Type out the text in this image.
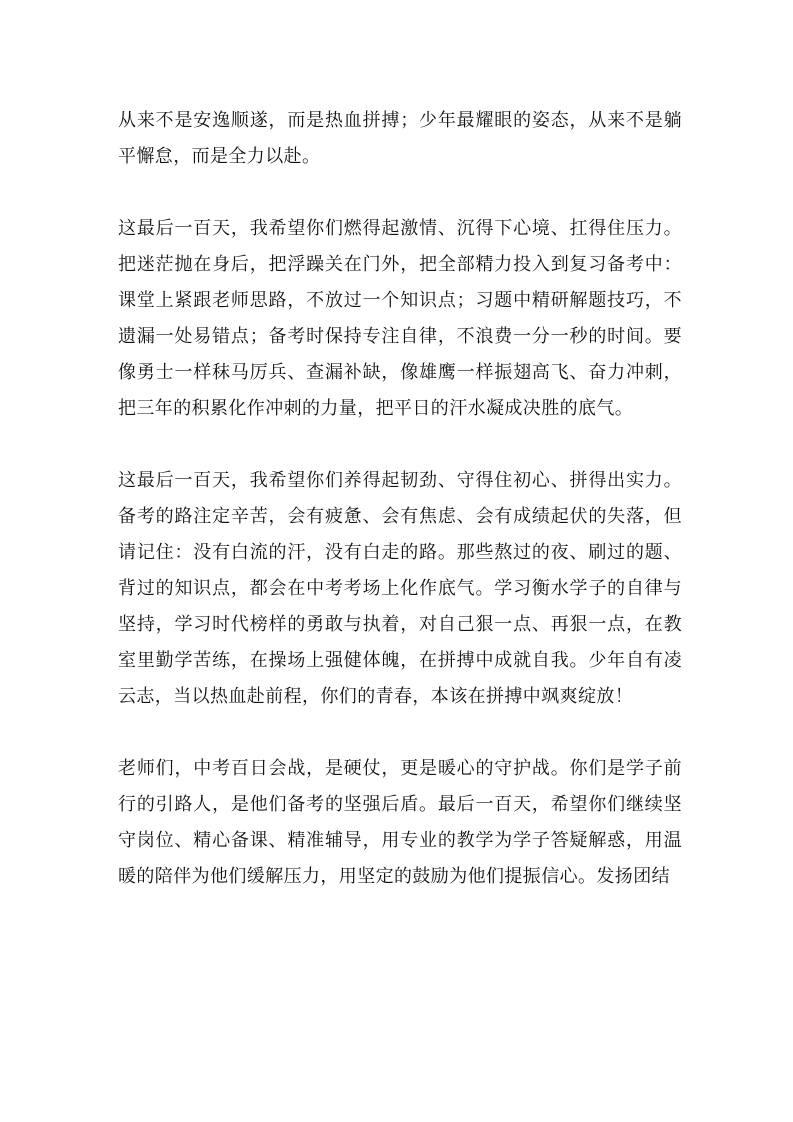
从来不是安逸顺遂，而是热血拼搏；少年最耀眼的姿态，从来不是躺平懈怠，而是全力以赴。

这最后一百天，我希望你们燃得起激情、沉得下心境、扛得住压力。把迷茫抛在身后，把浮躁关在门外，把全部精力投入到复习备考中：课堂上紧跟老师思路，不放过一个知识点；习题中精研解题技巧，不遗漏一处易错点；备考时保持专注自律，不浪费一分一秒的时间。要像勇士一样秣马厉兵、查漏补缺，像雄鹰一样振翅高飞、奋力冲刺，把三年的积累化作冲刺的力量，把平日的汗水凝成决胜的底气。

这最后一百天，我希望你们养得起韧劲、守得住初心、拼得出实力。备考的路注定辛苦，会有疲惫、会有焦虑、会有成绩起伏的失落，但请记住：没有白流的汗，没有白走的路。那些熬过的夜、刷过的题、背过的知识点，都会在中考考场上化作底气。学习衡水学子的自律与坚持，学习时代榜样的勇敢与执着，对自己狠一点、再狠一点，在教室里勤学苦练，在操场上强健体魄，在拼搏中成就自我。少年自有凌云志，当以热血赴前程，你们的青春，本该在拼搏中飒爽绽放！

老师们，中考百日会战，是硬仗，更是暖心的守护战。你们是学子前行的引路人，是他们备考的坚强后盾。最后一百天，希望你们继续坚守岗位、精心备课、精准辅导，用专业的教学为学子答疑解惑，用温暖的陪伴为他们缓解压力，用坚定的鼓励为他们提振信心。发扬团结
